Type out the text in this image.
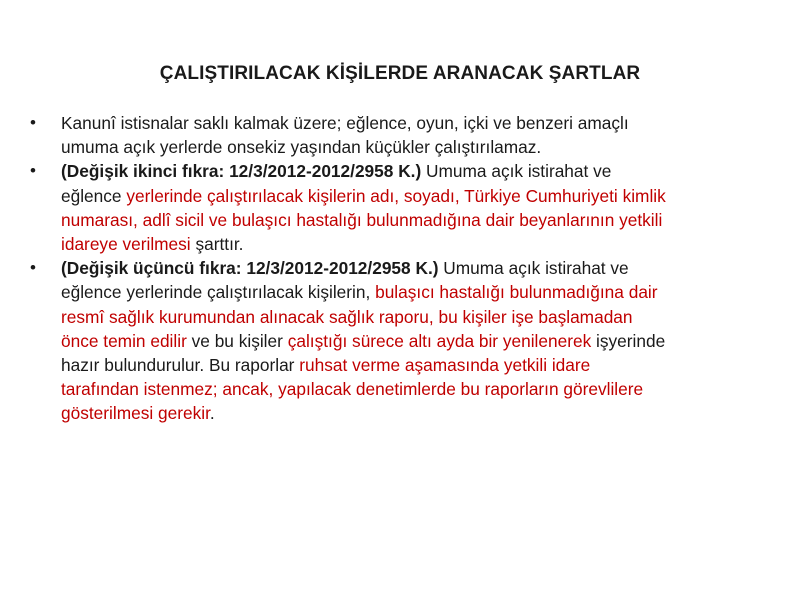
ÇALIŞTIRILACAK KİŞİLERDE ARANACAK ŞARTLAR
• Kanunî istisnalar saklı kalmak üzere; eğlence, oyun, içki ve benzeri amaçlı umuma açık yerlerde onsekiz yaşından küçükler çalıştırılamaz.
• (Değişik ikinci fıkra: 12/3/2012-2012/2958 K.) Umuma açık istirahat ve eğlence yerlerinde çalıştırılacak kişilerin adı, soyadı, Türkiye Cumhuriyeti kimlik numarası, adlî sicil ve bulaşıcı hastalığı bulunmadığına dair beyanlarının yetkili idareye verilmesi şarttır.
• (Değişik üçüncü fıkra: 12/3/2012-2012/2958 K.) Umuma açık istirahat ve eğlence yerlerinde çalıştırılacak kişilerin, bulaşıcı hastalığı bulunmadığına dair resmî sağlık kurumundan alınacak sağlık raporu, bu kişiler işe başlamadan önce temin edilir ve bu kişiler çalıştığı sürece altı ayda bir yenilenerek işyerinde hazır bulundurulur. Bu raporlar ruhsat verme aşamasında yetkili idare tarafından istenmez; ancak, yapılacak denetimlerde bu raporların görevlilere gösterilmesi gerekir.
